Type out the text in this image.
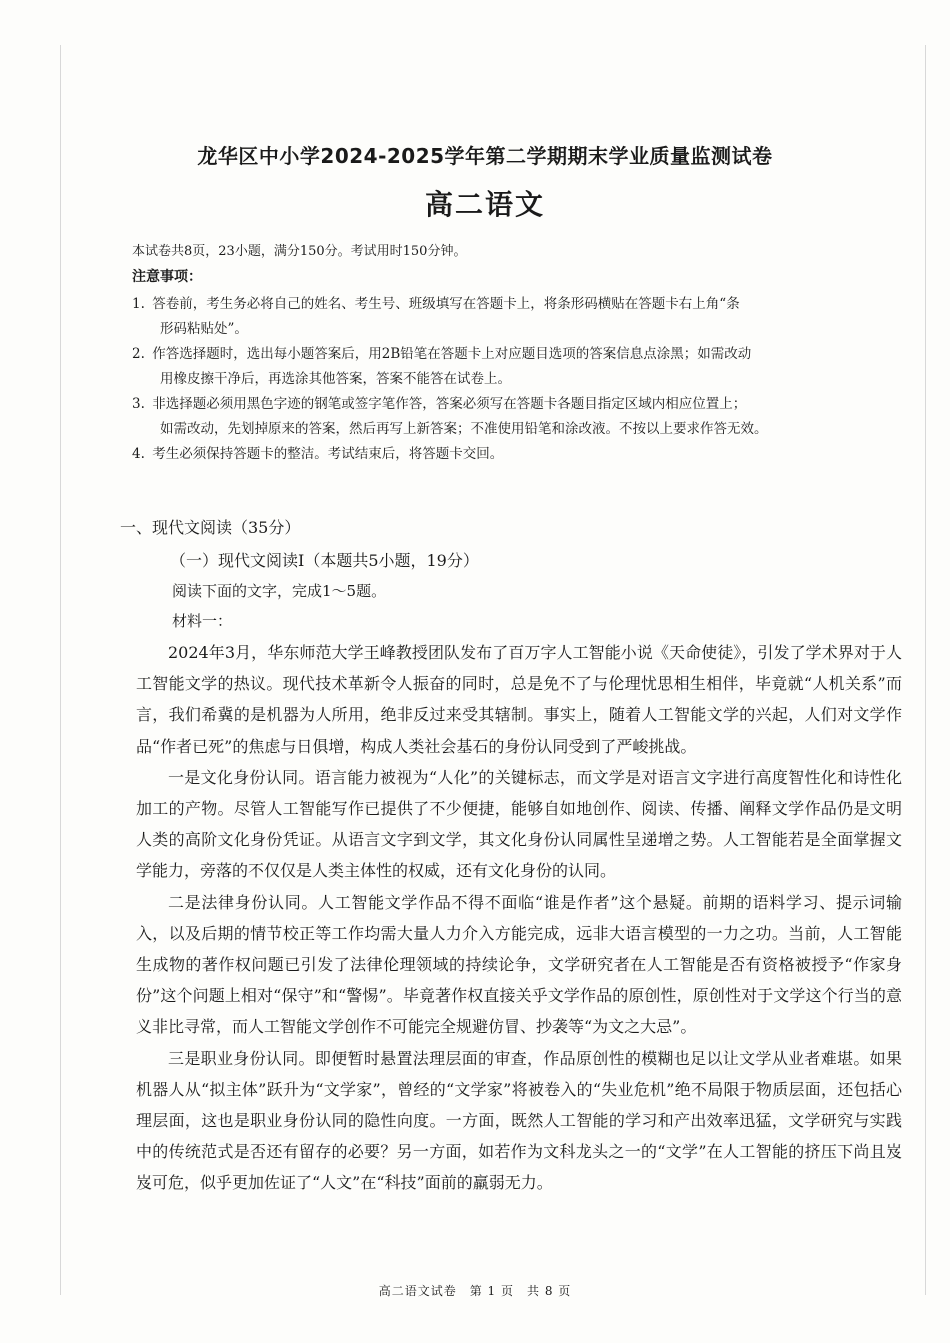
龙华区中小学2024-2025学年第二学期期末学业质量监测试卷
高二语文
本试卷共8页，23小题，满分150分。考试用时150分钟。
注意事项：
1. 答卷前，考生务必将自己的姓名、考生号、班级填写在答题卡上，将条形码横贴在答题卡右上角“条
形码粘贴处”。
2. 作答选择题时，选出每小题答案后，用2B铅笔在答题卡上对应题目选项的答案信息点涂黑；如需改动
用橡皮擦干净后，再选涂其他答案，答案不能答在试卷上。
3. 非选择题必须用黑色字迹的钢笔或签字笔作答，答案必须写在答题卡各题目指定区域内相应位置上；
如需改动，先划掉原来的答案，然后再写上新答案；不准使用铅笔和涂改液。不按以上要求作答无效。
4. 考生必须保持答题卡的整洁。考试结束后，将答题卡交回。
一、现代文阅读（35分）
（一）现代文阅读Ⅰ（本题共5小题，19分）
阅读下面的文字，完成1～5题。
材料一：

2024年3月，华东师范大学王峰教授团队发布了百万字人工智能小说《天命使徒》，引发了学术界对于人工智能文学的热议。现代技术革新令人振奋的同时，总是免不了与伦理忧思相生相伴，毕竟就“人机关系”而言，我们希冀的是机器为人所用，绝非反过来受其辖制。事实上，随着人工智能文学的兴起，人们对文学作品“作者已死”的焦虑与日俱增，构成人类社会基石的身份认同受到了严峻挑战。

一是文化身份认同。语言能力被视为“人化”的关键标志，而文学是对语言文字进行高度智性化和诗性化加工的产物。尽管人工智能写作已提供了不少便捷，能够自如地创作、阅读、传播、阐释文学作品仍是文明人类的高阶文化身份凭证。从语言文字到文学，其文化身份认同属性呈递增之势。人工智能若是全面掌握文学能力，旁落的不仅仅是人类主体性的权威，还有文化身份的认同。

二是法律身份认同。人工智能文学作品不得不面临“谁是作者”这个悬疑。前期的语料学习、提示词输入，以及后期的情节校正等工作均需大量人力介入方能完成，远非大语言模型的一力之功。当前，人工智能生成物的著作权问题已引发了法律伦理领域的持续论争，文学研究者在人工智能是否有资格被授予“作家身份”这个问题上相对“保守”和“警惕”。毕竟著作权直接关乎文学作品的原创性，原创性对于文学这个行当的意义非比寻常，而人工智能文学创作不可能完全规避仿冒、抄袭等“为文之大忌”。

三是职业身份认同。即便暂时悬置法理层面的审查，作品原创性的模糊也足以让文学从业者难堪。如果机器人从“拟主体”跃升为“文学家”，曾经的“文学家”将被卷入的“失业危机”绝不局限于物质层面，还包括心理层面，这也是职业身份认同的隐性向度。一方面，既然人工智能的学习和产出效率迅猛，文学研究与实践中的传统范式是否还有留存的必要？另一方面，如若作为文科龙头之一的“文学”在人工智能的挤压下尚且岌岌可危，似乎更加佐证了“人文”在“科技”面前的羸弱无力。

高二语文试卷　第 1 页　共 8 页
